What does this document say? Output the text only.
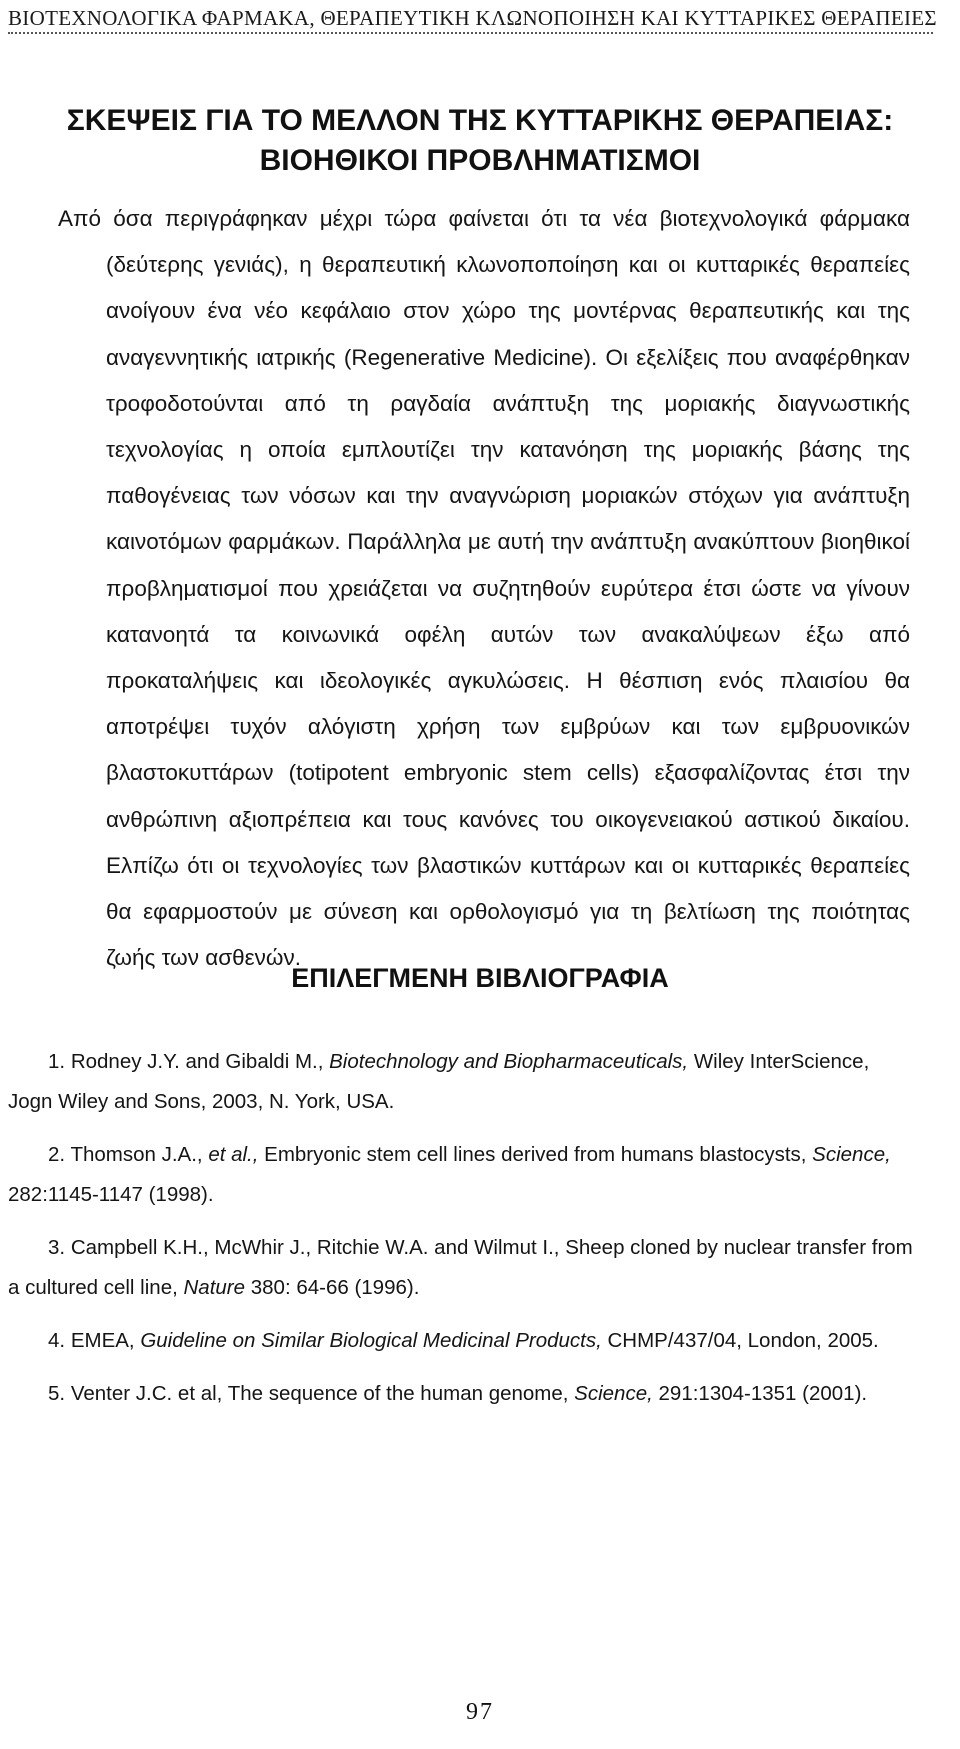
ΒΙΟΤΕΧΝΟΛΟΓΙΚΑ ΦΑΡΜΑΚΑ, ΘΕΡΑΠΕΥΤΙΚΗ ΚΛΩΝΟΠΟΙΗΣΗ ΚΑΙ ΚΥΤΤΑΡΙΚΕΣ ΘΕΡΑΠΕΙΕΣ
ΣΚΕΨΕΙΣ ΓΙΑ ΤΟ ΜΕΛΛΟΝ ΤΗΣ ΚΥΤΤΑΡΙΚΗΣ ΘΕΡΑΠΕΙΑΣ:
ΒΙΟΗΘΙΚΟΙ ΠΡΟΒΛΗΜΑΤΙΣΜΟΙ

Από όσα περιγράφηκαν μέχρι τώρα φαίνεται ότι τα νέα βιοτεχνολογικά φάρμακα (δεύτερης γενιάς), η θεραπευτική κλωνοποποίηση και οι κυτταρικές θεραπείες ανοίγουν ένα νέο κεφάλαιο στον χώρο της μοντέρνας θεραπευτικής και της αναγεννητικής ιατρικής (Regenerative Medicine). Οι εξελίξεις που αναφέρθηκαν τροφοδοτούνται από τη ραγδαία ανάπτυξη της μοριακής διαγνωστικής τεχνολογίας η οποία εμπλουτίζει την κατανόηση της μοριακής βάσης της παθογένειας των νόσων και την αναγνώριση μοριακών στόχων για ανάπτυξη καινοτόμων φαρμάκων. Παράλληλα με αυτή την ανάπτυξη ανακύπτουν βιοηθικοί προβληματισμοί που χρειάζεται να συζητηθούν ευρύτερα έτσι ώστε να γίνουν κατανοητά τα κοινωνικά οφέλη αυτών των ανακαλύψεων έξω από προκαταλήψεις και ιδεολογικές αγκυλώσεις. Η θέσπιση ενός πλαισίου θα αποτρέψει τυχόν αλόγιστη χρήση των εμβρύων και των εμβρυονικών βλαστοκυττάρων (totipotent embryonic stem cells) εξασφαλίζοντας έτσι την ανθρώπινη αξιοπρέπεια και τους κανόνες του οικογενειακού αστικού δικαίου. Ελπίζω ότι οι τεχνολογίες των βλαστικών κυττάρων και οι κυτταρικές θεραπείες θα εφαρμοστούν με σύνεση και ορθολογισμό για τη βελτίωση της ποιότητας ζωής των ασθενών.

ΕΠΙΛΕΓΜΕΝΗ ΒΙΒΛΙΟΓΡΑΦΙΑ

1. Rodney J.Y. and Gibaldi M., Biotechnology and Biopharmaceuticals, Wiley InterScience, Jogn Wiley and Sons, 2003, N. York, USA.

2. Thomson J.A., et al., Embryonic stem cell lines derived from humans blastocysts, Science, 282:1145-1147 (1998).

3. Campbell K.H., McWhir J., Ritchie W.A. and Wilmut I., Sheep cloned by nuclear transfer from a cultured cell line, Nature 380: 64-66 (1996).

4. EMEA, Guideline on Similar Biological Medicinal Products, CHMP/437/04, London, 2005.

5. Venter J.C. et al, The sequence of the human genome, Science, 291:1304-1351 (2001).

97
